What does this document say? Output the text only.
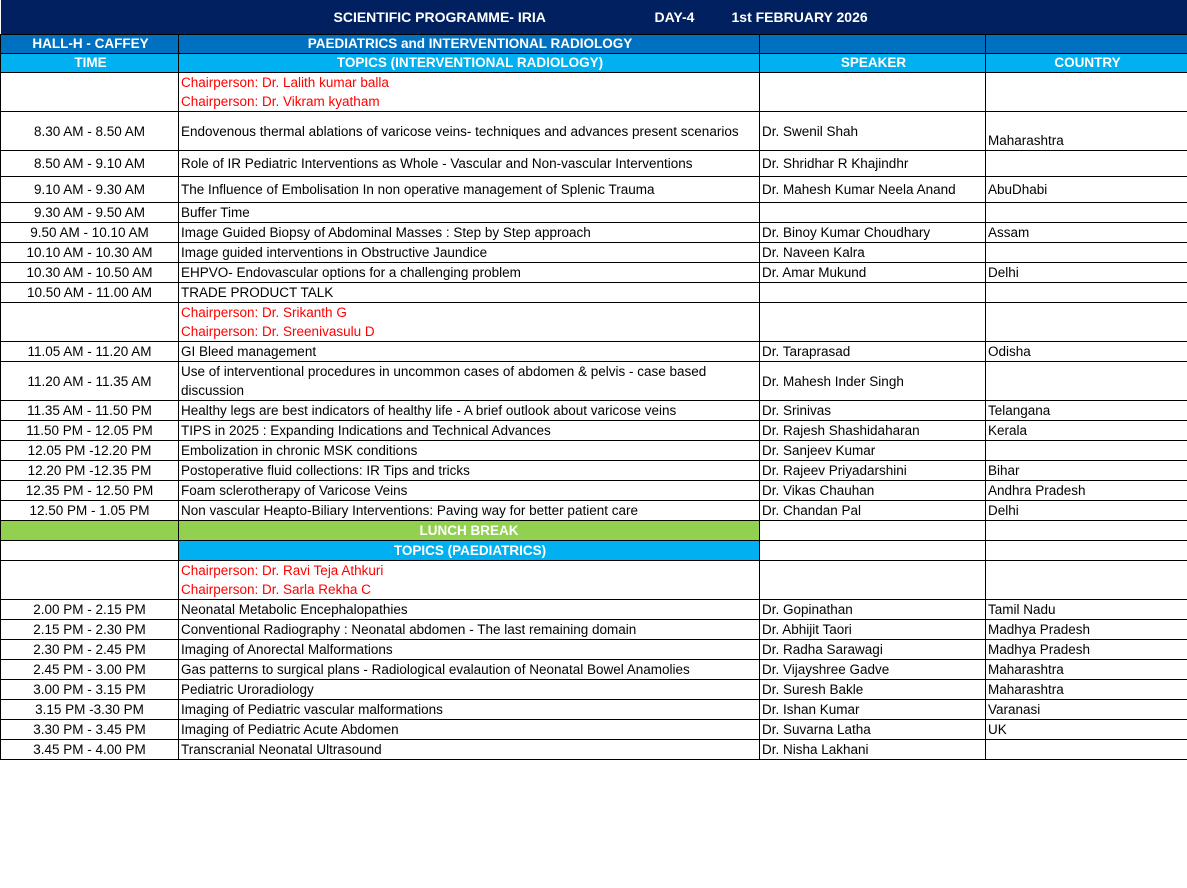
SCIENTIFIC PROGRAMME- IRIA DAY-4 1st FEBRUARY 2026			

HALL-H - CAFFEY	PAEDIATRICS and INTERVENTIONAL RADIOLOGY		
TIME	TOPICS (INTERVENTIONAL RADIOLOGY)	SPEAKER	COUNTRY

	Chairperson: Dr. Lalith kumar balla
Chairperson: Dr. Vikram kyatham		

8.30 AM - 8.50 AM	Endovenous thermal ablations of varicose veins- techniques and advances present scenarios	Dr. Swenil Shah	Maharashtra
8.50 AM - 9.10 AM	Role of IR Pediatric Interventions as Whole - Vascular and Non-vascular Interventions	Dr. Shridhar R Khajindhr	
9.10 AM - 9.30 AM	The Influence of Embolisation In non operative management of Splenic Trauma	Dr. Mahesh Kumar Neela Anand	AbuDhabi
9.30 AM - 9.50 AM	Buffer Time		
9.50 AM - 10.10 AM	Image Guided Biopsy of Abdominal Masses : Step by Step approach	Dr. Binoy Kumar Choudhary	Assam
10.10 AM - 10.30 AM	Image guided interventions in Obstructive Jaundice	Dr. Naveen Kalra	
10.30 AM - 10.50 AM	EHPVO- Endovascular options for a challenging problem	Dr. Amar Mukund	Delhi
10.50 AM - 11.00 AM	TRADE PRODUCT TALK		

	Chairperson: Dr. Srikanth G
Chairperson: Dr. Sreenivasulu D		

11.05 AM - 11.20 AM	GI Bleed management	Dr. Taraprasad	Odisha
11.20 AM - 11.35 AM	Use of interventional procedures in uncommon cases of abdomen & pelvis - case based discussion	Dr. Mahesh Inder Singh	
11.35 AM - 11.50 PM	Healthy legs are best indicators of healthy life - A brief outlook about varicose veins	Dr. Srinivas	Telangana
11.50 PM - 12.05 PM	TIPS in 2025 : Expanding Indications and Technical Advances	Dr. Rajesh Shashidaharan	Kerala
12.05 PM -12.20 PM	Embolization in chronic MSK conditions	Dr. Sanjeev Kumar	
12.20 PM -12.35 PM	Postoperative fluid collections: IR Tips and tricks	Dr. Rajeev Priyadarshini	Bihar
12.35 PM - 12.50 PM	Foam sclerotherapy of Varicose Veins	Dr. Vikas Chauhan	Andhra Pradesh
12.50 PM - 1.05 PM	Non vascular Heapto-Biliary Interventions: Paving way for better patient care	Dr. Chandan Pal	Delhi
	LUNCH BREAK		
	TOPICS (PAEDIATRICS)		

	Chairperson: Dr. Ravi Teja Athkuri
Chairperson: Dr. Sarla Rekha C		

2.00 PM - 2.15 PM	Neonatal Metabolic Encephalopathies	Dr. Gopinathan	Tamil Nadu
2.15 PM - 2.30 PM	Conventional Radiography : Neonatal abdomen - The last remaining domain	Dr. Abhijit Taori	Madhya Pradesh
2.30 PM - 2.45 PM	Imaging of Anorectal Malformations	Dr. Radha Sarawagi	Madhya Pradesh
2.45 PM - 3.00 PM	Gas patterns to surgical plans - Radiological evalaution of Neonatal Bowel Anamolies	Dr. Vijayshree Gadve	Maharashtra
3.00 PM - 3.15 PM	Pediatric Uroradiology	Dr. Suresh Bakle	Maharashtra
3.15 PM -3.30 PM	Imaging of Pediatric vascular malformations	Dr. Ishan Kumar	Varanasi
3.30 PM - 3.45 PM	Imaging of Pediatric Acute Abdomen	Dr. Suvarna Latha	UK
3.45 PM - 4.00 PM	Transcranial Neonatal Ultrasound	Dr. Nisha Lakhani	
